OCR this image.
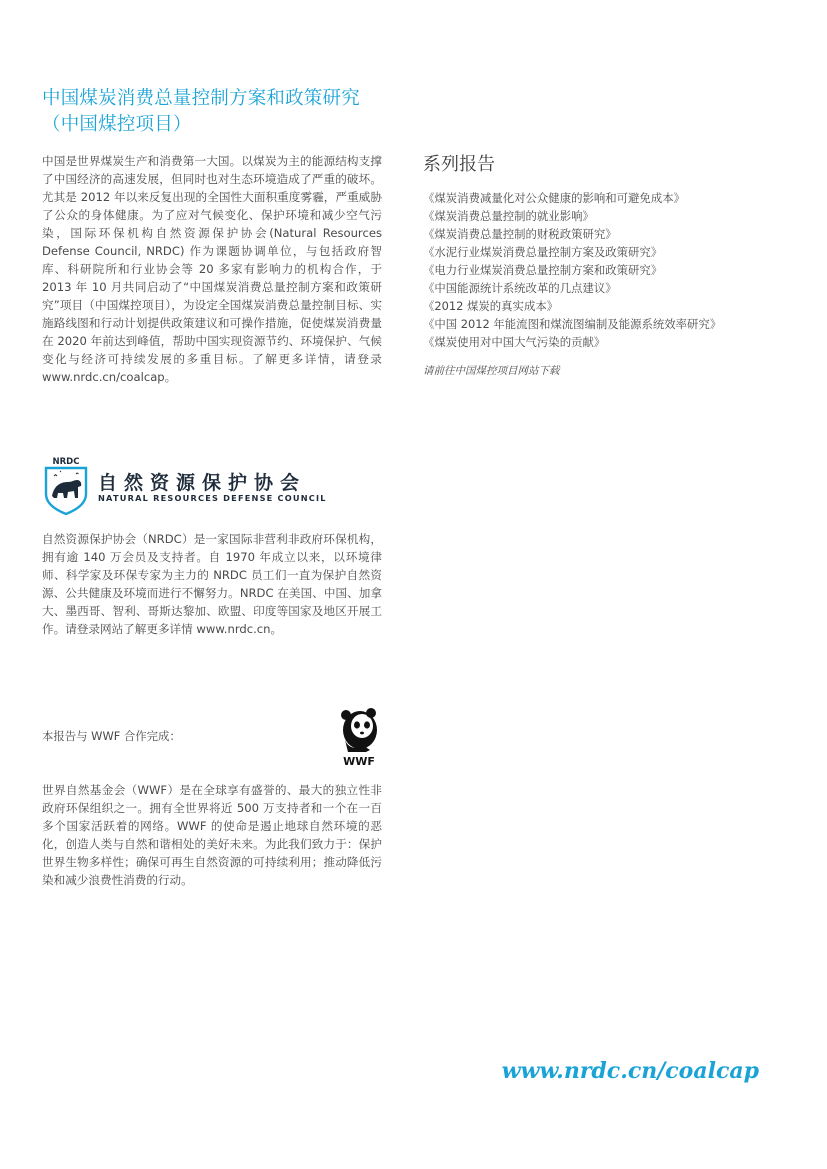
中国煤炭消费总量控制方案和政策研究
（中国煤控项目）

中国是世界煤炭生产和消费第一大国。以煤炭为主的能源结构支撑了中国经济的高速发展，但同时也对生态环境造成了严重的破坏。尤其是 2012 年以来反复出现的全国性大面积重度雾霾，严重威胁了公众的身体健康。为了应对气候变化、保护环境和减少空气污染，国际环保机构自然资源保护协会(Natural Resources Defense Council, NRDC) 作为课题协调单位，与包括政府智库、科研院所和行业协会等 20 多家有影响力的机构合作，于 2013 年 10 月共同启动了“中国煤炭消费总量控制方案和政策研究”项目（中国煤控项目），为设定全国煤炭消费总量控制目标、实施路线图和行动计划提供政策建议和可操作措施，促使煤炭消费量在 2020 年前达到峰值，帮助中国实现资源节约、环境保护、气候变化与经济可持续发展的多重目标。了解更多详情，请登录 www.nrdc.cn/coalcap。

系列报告
《煤炭消费减量化对公众健康的影响和可避免成本》
《煤炭消费总量控制的就业影响》
《煤炭消费总量控制的财税政策研究》
《水泥行业煤炭消费总量控制方案及政策研究》
《电力行业煤炭消费总量控制方案和政策研究》
《中国能源统计系统改革的几点建议》
《2012 煤炭的真实成本》
《中国 2012 年能流图和煤流图编制及能源系统效率研究》
《煤炭使用对中国大气污染的贡献》
请前往中国煤控项目网站下载
NRDC
自然资源保护协会
NATURAL RESOURCES DEFENSE COUNCIL

自然资源保护协会（NRDC）是一家国际非营利非政府环保机构，拥有逾 140 万会员及支持者。自 1970 年成立以来，以环境律师、科学家及环保专家为主力的 NRDC 员工们一直为保护自然资源、公共健康及环境而进行不懈努力。NRDC 在美国、中国、加拿大、墨西哥、智利、哥斯达黎加、欧盟、印度等国家及地区开展工作。请登录网站了解更多详情 www.nrdc.cn。

本报告与 WWF 合作完成：
WWF

世界自然基金会（WWF）是在全球享有盛誉的、最大的独立性非政府环保组织之一。拥有全世界将近 500 万支持者和一个在一百多个国家活跃着的网络。WWF 的使命是遏止地球自然环境的恶化，创造人类与自然和谐相处的美好未来。为此我们致力于：保护世界生物多样性；确保可再生自然资源的可持续利用；推动降低污染和减少浪费性消费的行动。

www.nrdc.cn/coalcap
